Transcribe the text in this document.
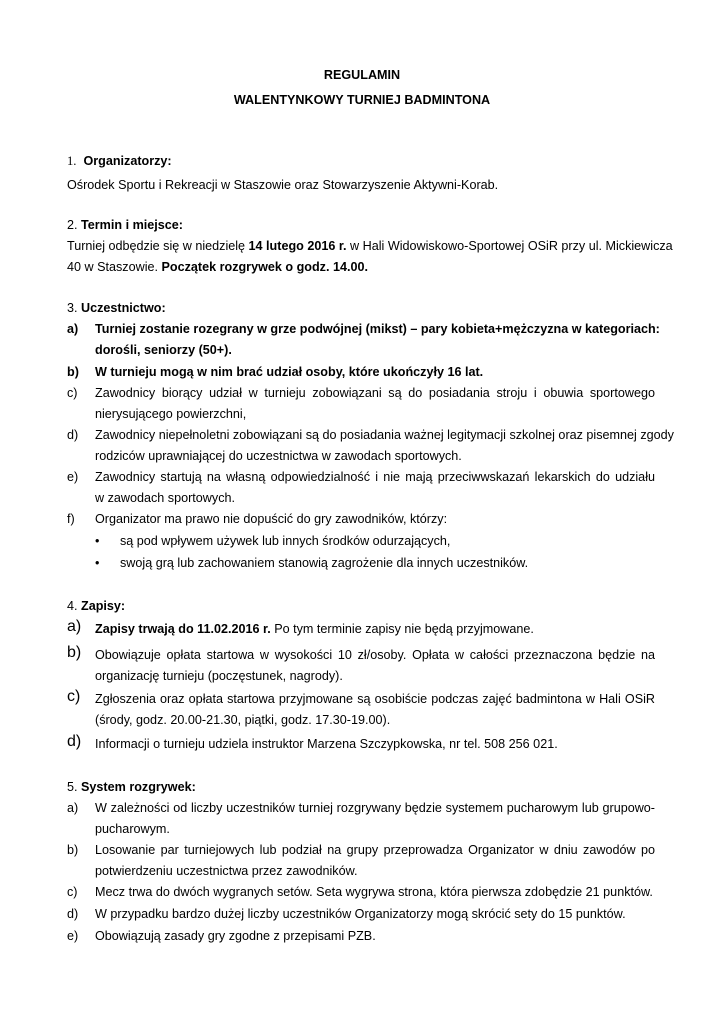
REGULAMIN
WALENTYNKOWY TURNIEJ BADMINTONA
1. Organizatorzy:
Ośrodek Sportu i Rekreacji w Staszowie oraz Stowarzyszenie Aktywni-Korab.
2. Termin i miejsce:
Turniej odbędzie się w niedzielę 14 lutego 2016 r. w Hali Widowiskowo-Sportowej OSiR przy ul. Mickiewicza
40 w Staszowie. Początek rozgrywek o godz. 14.00.
3. Uczestnictwo:
a) Turniej zostanie rozegrany w grze podwójnej (mikst) – pary kobieta+mężczyzna w kategoriach:
dorośli, seniorzy (50+).
b) W turnieju mogą w nim brać udział osoby, które ukończyły 16 lat.
c) Zawodnicy biorący udział w turnieju zobowiązani są do posiadania stroju i obuwia sportowego
nierysującego powierzchni,
d) Zawodnicy niepełnoletni zobowiązani są do posiadania ważnej legitymacji szkolnej oraz pisemnej zgody
rodziców uprawniającej do uczestnictwa w zawodach sportowych.
e) Zawodnicy startują na własną odpowiedzialność i nie mają przeciwwskazań lekarskich do udziału
w zawodach sportowych.
f) Organizator ma prawo nie dopuścić do gry zawodników, którzy:
• są pod wpływem używek lub innych środków odurzających,
• swoją grą lub zachowaniem stanowią zagrożenie dla innych uczestników.
4. Zapisy:
a) Zapisy trwają do 11.02.2016 r. Po tym terminie zapisy nie będą przyjmowane.
b) Obowiązuje opłata startowa w wysokości 10 zł/osoby. Opłata w całości przeznaczona będzie na
organizację turnieju (poczęstunek, nagrody).
c) Zgłoszenia oraz opłata startowa przyjmowane są osobiście podczas zajęć badmintona w Hali OSiR
(środy, godz. 20.00-21.30, piątki, godz. 17.30-19.00).
d) Informacji o turnieju udziela instruktor Marzena Szczypkowska, nr tel. 508 256 021.
5. System rozgrywek:
a) W zależności od liczby uczestników turniej rozgrywany będzie systemem pucharowym lub grupowo-
pucharowym.
b) Losowanie par turniejowych lub podział na grupy przeprowadza Organizator w dniu zawodów po
potwierdzeniu uczestnictwa przez zawodników.
c) Mecz trwa do dwóch wygranych setów. Seta wygrywa strona, która pierwsza zdobędzie 21 punktów.
d) W przypadku bardzo dużej liczby uczestników Organizatorzy mogą skrócić sety do 15 punktów.
e) Obowiązują zasady gry zgodne z przepisami PZB.
